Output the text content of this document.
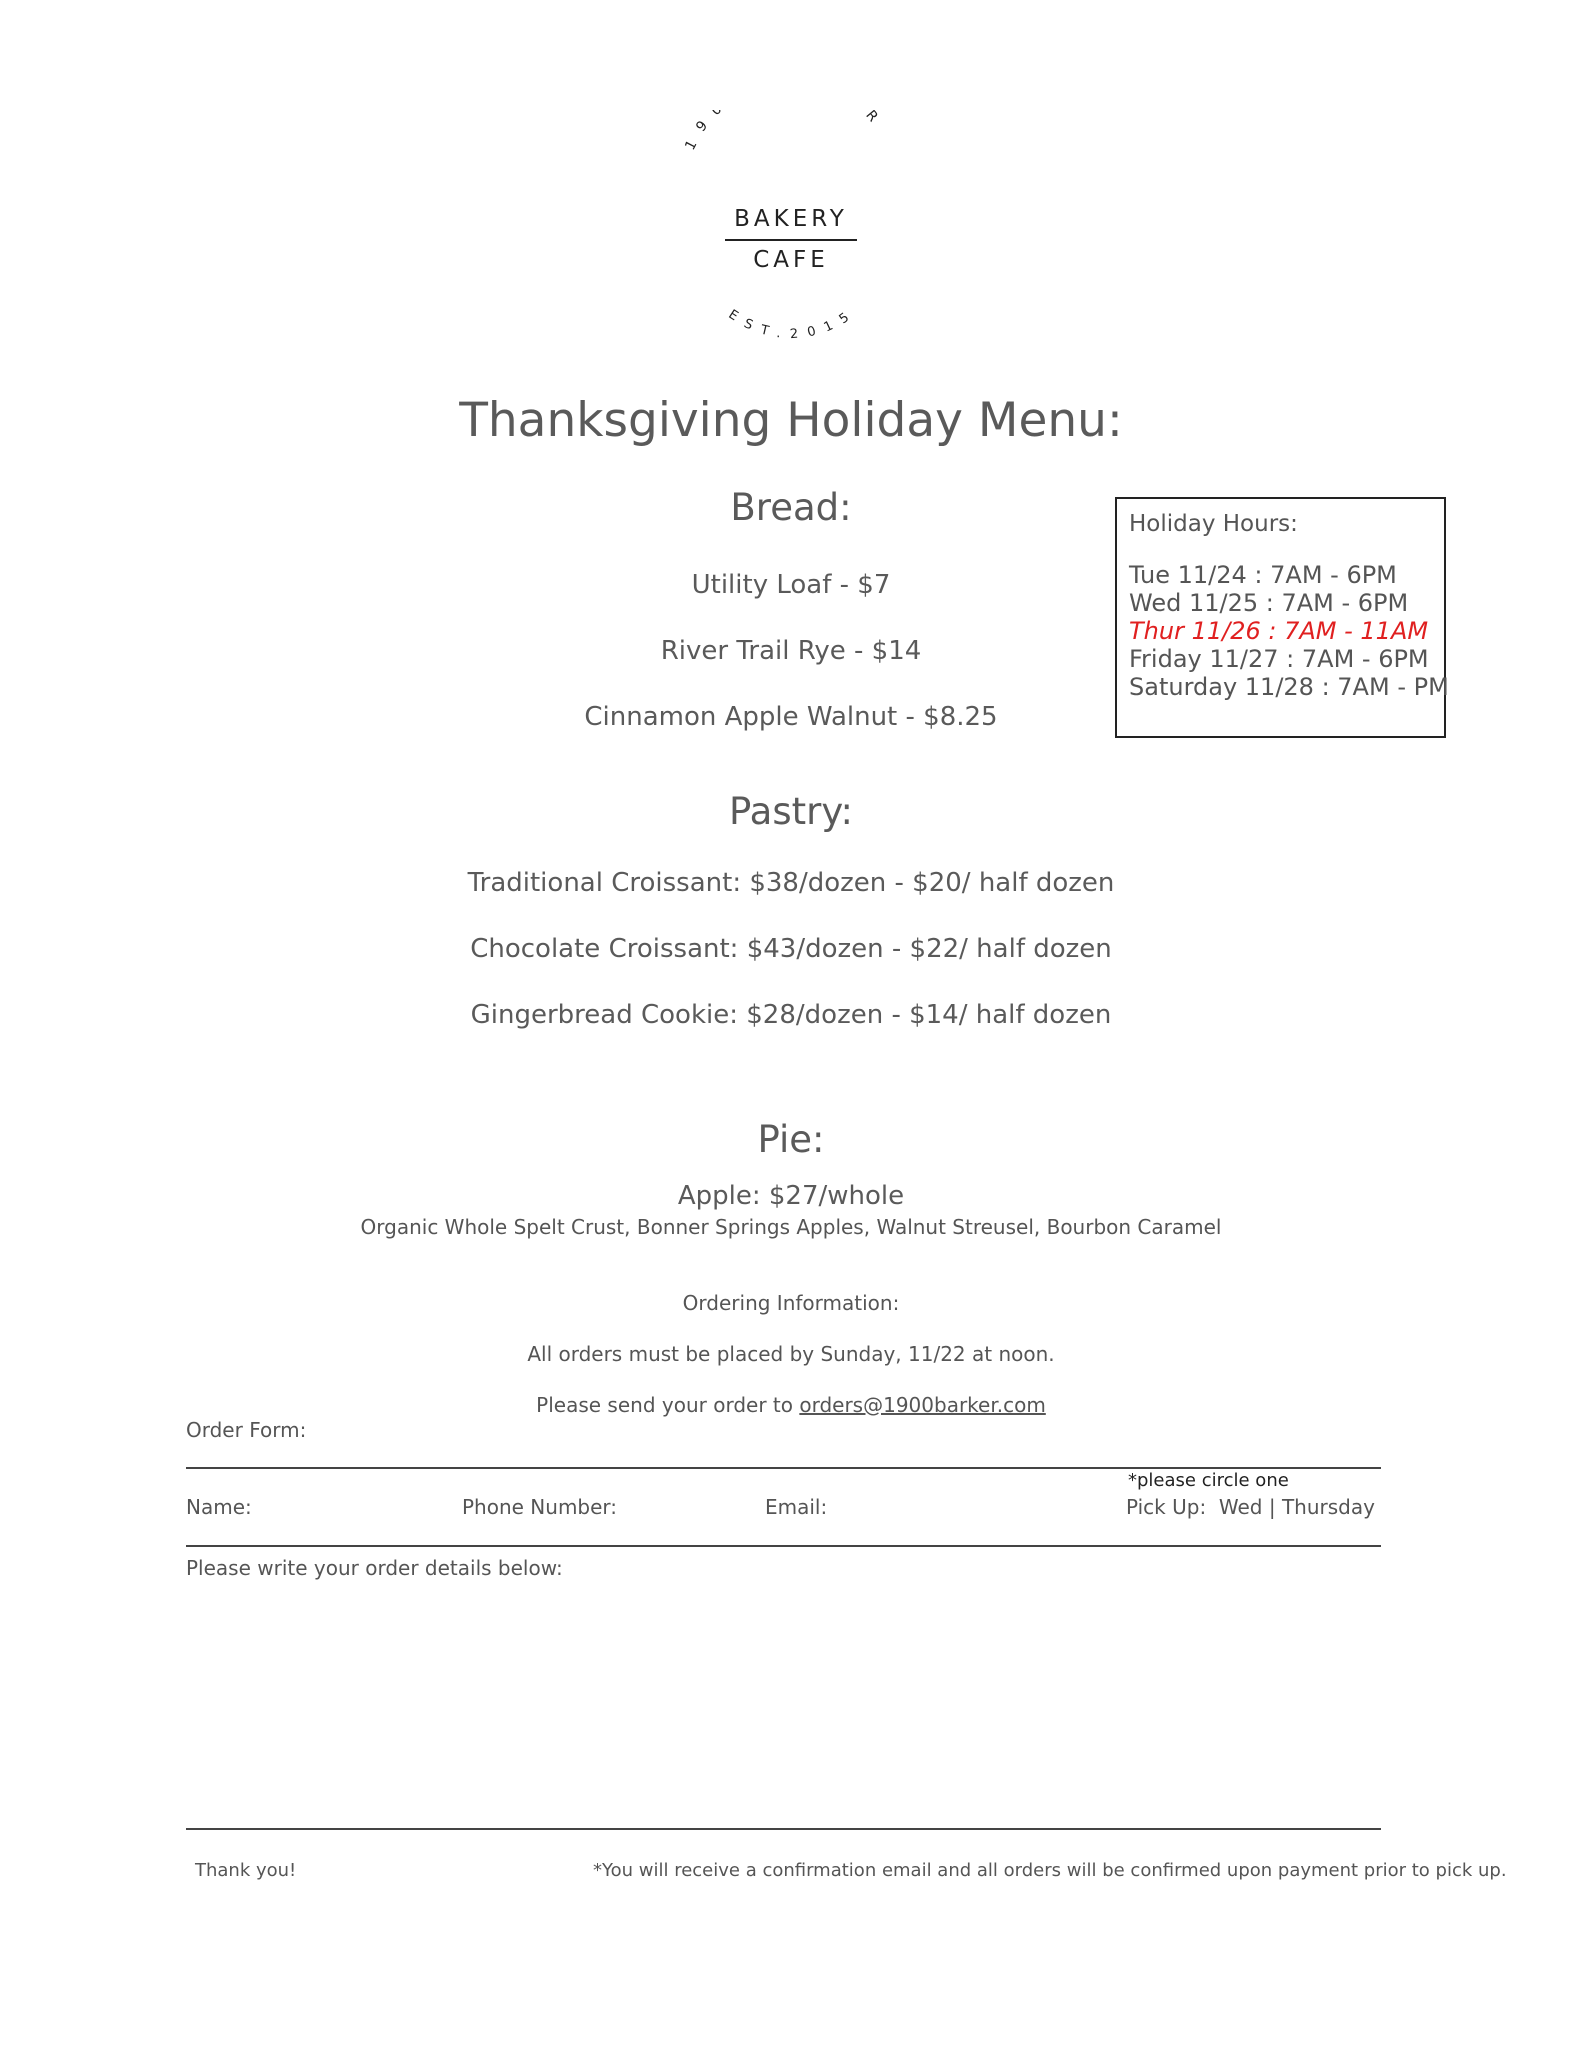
19 R
EST.2015
BAKERY
CAFE
Thanksgiving Holiday Menu:
Bread:
Utility Loaf - $7
River Trail Rye - $14
Cinnamon Apple Walnut - $8.25
Holiday Hours:
Tue 11/24 : 7AM - 6PM
Wed 11/25 : 7AM - 6PM
Thur 11/26 : 7AM - 11AM
Friday 11/27 : 7AM - 6PM
Saturday 11/28 : 7AM - PM
Pastry:
Traditional Croissant: $38/dozen - $20/ half dozen
Chocolate Croissant: $43/dozen - $22/ half dozen
Gingerbread Cookie: $28/dozen - $14/ half dozen
Pie:
Apple: $27/whole
Organic Whole Spelt Crust, Bonner Springs Apples, Walnut Streusel, Bourbon Caramel
Ordering Information:
All orders must be placed by Sunday, 11/22 at noon.
Please send your order to orders@1900barker.com
Order Form:
*please circle one
Name:	Phone Number:	Email:	Pick Up:  Wed | Thursday
Please write your order details below:
Thank you!	*You will receive a confirmation email and all orders will be confirmed upon payment prior to pick up.
